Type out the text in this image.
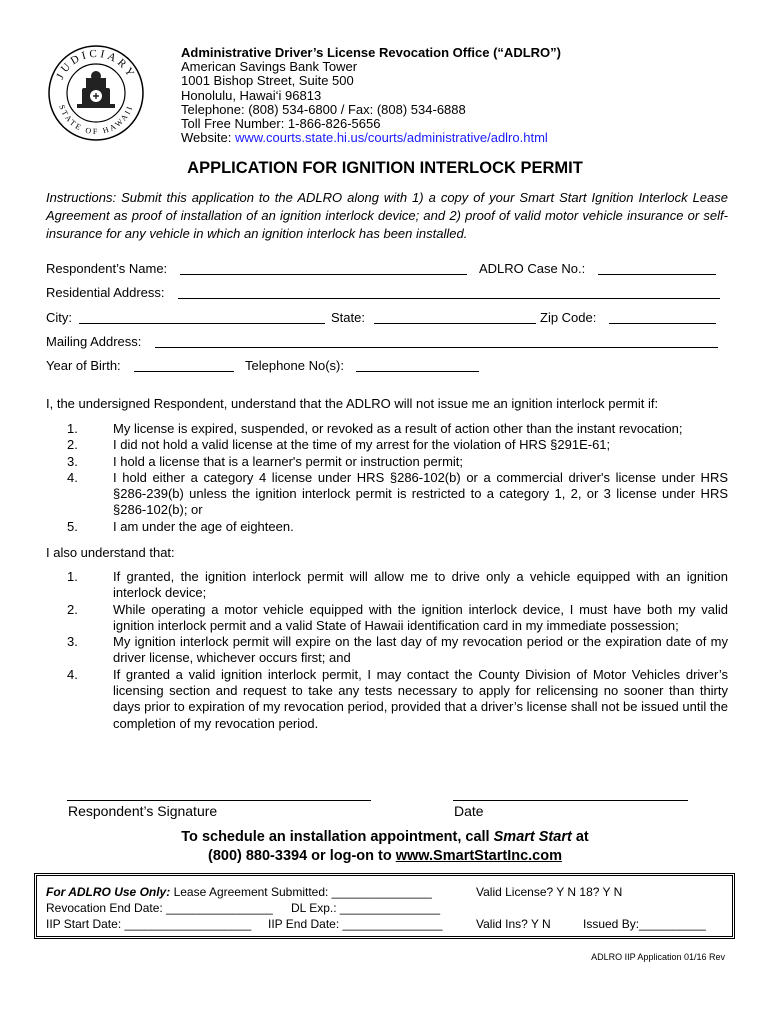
JUDICIARY
STATE OF HAWAII
Administrative Driver’s License Revocation Office (“ADLRO”)
American Savings Bank Tower
1001 Bishop Street, Suite 500
Honolulu, Hawai‘i 96813
Telephone: (808) 534-6800 / Fax: (808) 534-6888
Toll Free Number: 1-866-826-5656
Website: www.courts.state.hi.us/courts/administrative/adlro.html
APPLICATION FOR IGNITION INTERLOCK PERMIT
Instructions: Submit this application to the ADLRO along with 1) a copy of your Smart Start Ignition Interlock Lease Agreement as proof of installation of an ignition interlock device; and 2) proof of valid motor vehicle insurance or self-insurance for any vehicle in which an ignition interlock has been installed.
Respondent’s Name:	ADLRO Case No.:
Residential Address:
City:	State:	Zip Code:
Mailing Address:
Year of Birth:	Telephone No(s):
I, the undersigned Respondent, understand that the ADLRO will not issue me an ignition interlock permit if:
1.	My license is expired, suspended, or revoked as a result of action other than the instant revocation;
2.	I did not hold a valid license at the time of my arrest for the violation of HRS §291E-61;
3.	I hold a license that is a learner's permit or instruction permit;
4.	I hold either a category 4 license under HRS §286-102(b) or a commercial driver's license under HRS §286-239(b) unless the ignition interlock permit is restricted to a category 1, 2, or 3 license under HRS §286-102(b); or
5.	I am under the age of eighteen.
I also understand that:
1.	If granted, the ignition interlock permit will allow me to drive only a vehicle equipped with an ignition interlock device;
2.	While operating a motor vehicle equipped with the ignition interlock device, I must have both my valid ignition interlock permit and a valid State of Hawaii identification card in my immediate possession;
3.	My ignition interlock permit will expire on the last day of my revocation period or the expiration date of my driver license, whichever occurs first; and
4.	If granted a valid ignition interlock permit, I may contact the County Division of Motor Vehicles driver’s licensing section and request to take any tests necessary to apply for relicensing no sooner than thirty days prior to expiration of my revocation period, provided that a driver’s license shall not be issued until the completion of my revocation period.
Respondent’s Signature	Date
To schedule an installation appointment, call Smart Start at
(800) 880-3394 or log-on to www.SmartStartInc.com
For ADLRO Use Only: Lease Agreement Submitted: _______________	Valid License? Y N 18? Y N
Revocation End Date: ________________ DL Exp.: _______________
IIP Start Date: ___________________ IIP End Date: _______________	Valid Ins? Y N	Issued By:__________
ADLRO IIP Application 01/16 Rev
